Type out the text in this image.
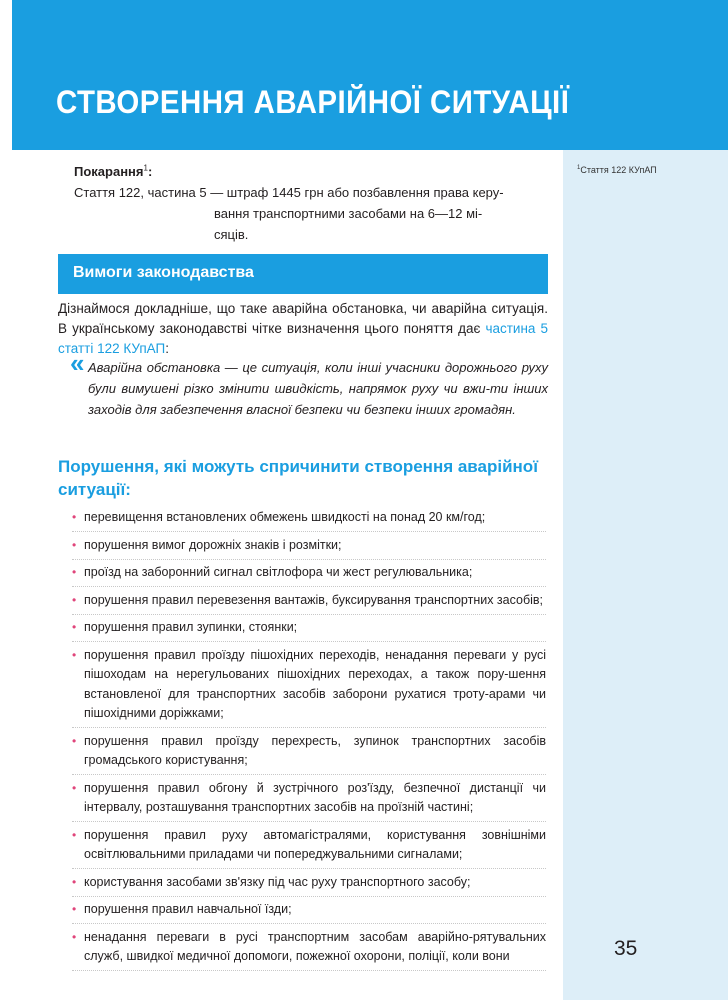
СТВОРЕННЯ АВАРІЙНОЇ СИТУАЦІЇ
$^1$Стаття 122 КУпАП
35
Покарання$^1$:
Стаття 122, частина 5 — штраф 1445 грн або позбавлення права керу-
вання транспортними засобами на 6—12 мі-
сяців.
Вимоги законодавства

Дізнаймося докладніше, що таке аварійна обстановка, чи аварійна ситуація. В українському законодавстві чітке визначення цього поняття дає частина 5 статті 122 КУпАП:

« Аварійна обстановка — це ситуація, коли інші учасники дорожнього руху були вимушені різко змінити швидкість, напрямок руху чи вжи-ти інших заходів для забезпечення власної безпеки чи безпеки інших громадян.
Порушення, які можуть спричинити створення аварійної ситуації:
• перевищення встановлених обмежень швидкості на понад 20 км/год;
• порушення вимог дорожніх знаків і розмітки;
• проїзд на заборонний сигнал світлофора чи жест регулювальника;
• порушення правил перевезення вантажів, буксирування транспортних засобів;
• порушення правил зупинки, стоянки;
• порушення правил проїзду пішохідних переходів, ненадання переваги у русі пішоходам на нерегульованих пішохідних переходах, а також пору-шення встановленої для транспортних засобів заборони рухатися троту-арами чи пішохідними доріжками;
• порушення правил проїзду перехресть, зупинок транспортних засобів громадського користування;
• порушення правил обгону й зустрічного роз'їзду, безпечної дистанції чи інтервалу, розташування транспортних засобів на проїзній частині;
• порушення правил руху автомагістралями, користування зовнішніми освітлювальними приладами чи попереджувальними сигналами;
• користування засобами зв'язку під час руху транспортного засобу;
• порушення правил навчальної їзди;
• ненадання переваги в русі транспортним засобам аварійно-рятувальних служб, швидкої медичної допомоги, пожежної охорони, поліції, коли вони
